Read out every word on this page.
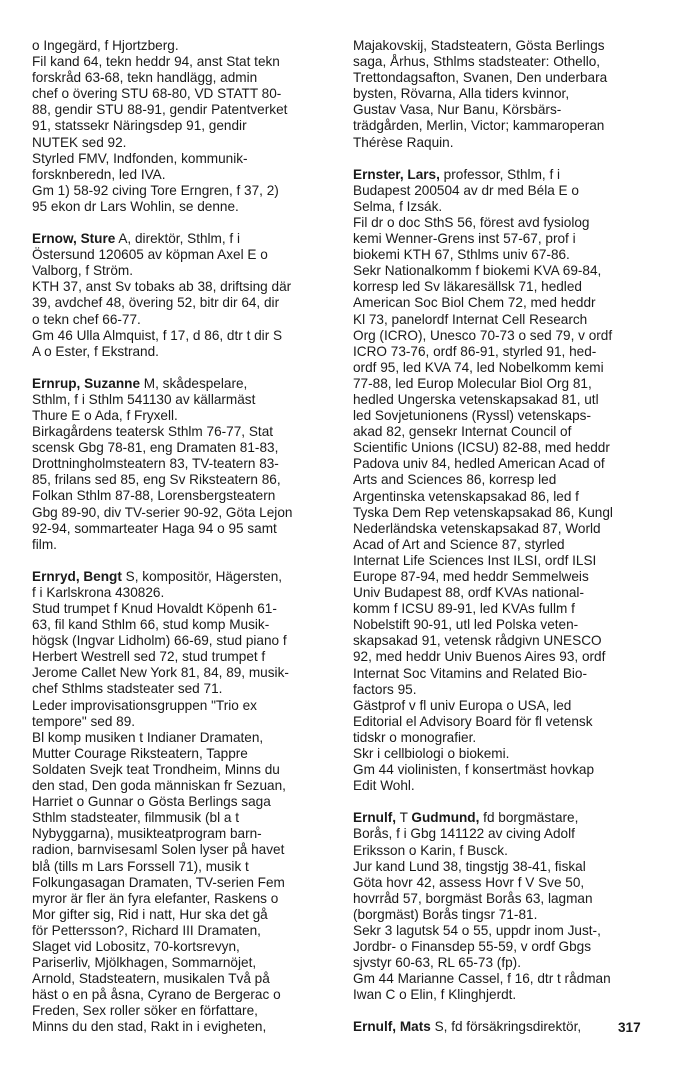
o Ingegärd, f Hjortzberg.
Fil kand 64, tekn heddr 94, anst Stat tekn
forskråd 63-68, tekn handlägg, admin
chef o övering STU 68-80, VD STATT 80-
88, gendir STU 88-91, gendir Patentverket
91, statssekr Näringsdep 91, gendir
NUTEK sed 92.
Styrled FMV, Indfonden, kommunik-
forsknberedn, led IVA.
Gm 1) 58-92 civing Tore Erngren, f 37, 2)
95 ekon dr Lars Wohlin, se denne.
Ernow, Sture A, direktör, Sthlm, f i
Östersund 120605 av köpman Axel E o
Valborg, f Ström.
KTH 37, anst Sv tobaks ab 38, driftsing där
39, avdchef 48, övering 52, bitr dir 64, dir
o tekn chef 66-77.
Gm 46 Ulla Almquist, f 17, d 86, dtr t dir S
A o Ester, f Ekstrand.
Ernrup, Suzanne M, skådespelare,
Sthlm, f i Sthlm 541130 av källarmäst
Thure E o Ada, f Fryxell.
Birkagårdens teatersk Sthlm 76-77, Stat
scensk Gbg 78-81, eng Dramaten 81-83,
Drottningholmsteatern 83, TV-teatern 83-
85, frilans sed 85, eng Sv Riksteatern 86,
Folkan Sthlm 87-88, Lorensbergsteatern
Gbg 89-90, div TV-serier 90-92, Göta Lejon
92-94, sommarteater Haga 94 o 95 samt
film.
Ernryd, Bengt S, kompositör, Hägersten,
f i Karlskrona 430826.
Stud trumpet f Knud Hovaldt Köpenh 61-
63, fil kand Sthlm 66, stud komp Musik-
högsk (Ingvar Lidholm) 66-69, stud piano f
Herbert Westrell sed 72, stud trumpet f
Jerome Callet New York 81, 84, 89, musik-
chef Sthlms stadsteater sed 71.
Leder improvisationsgruppen "Trio ex
tempore" sed 89.
Bl komp musiken t Indianer Dramaten,
Mutter Courage Riksteatern, Tappre
Soldaten Svejk teat Trondheim, Minns du
den stad, Den goda människan fr Sezuan,
Harriet o Gunnar o Gösta Berlings saga
Sthlm stadsteater, filmmusik (bl a t
Nybyggarna), musikteatprogram barn-
radion, barnvisesaml Solen lyser på havet
blå (tills m Lars Forssell 71), musik t
Folkungasagan Dramaten, TV-serien Fem
myror är fler än fyra elefanter, Raskens o
Mor gifter sig, Rid i natt, Hur ska det gå
för Pettersson?, Richard III Dramaten,
Slaget vid Lobositz, 70-kortsrevyn,
Pariserliv, Mjölkhagen, Sommarnöjet,
Arnold, Stadsteatern, musikalen Två på
häst o en på åsna, Cyrano de Bergerac o
Freden, Sex roller söker en författare,
Minns du den stad, Rakt in i evigheten,
Majakovskij, Stadsteatern, Gösta Berlings
saga, Århus, Sthlms stadsteater: Othello,
Trettondagsafton, Svanen, Den underbara
bysten, Rövarna, Alla tiders kvinnor,
Gustav Vasa, Nur Banu, Körsbärs-
trädgården, Merlin, Victor; kammaroperan
Thérèse Raquin.
Ernster, Lars, professor, Sthlm, f i
Budapest 200504 av dr med Béla E o
Selma, f Izsák.
Fil dr o doc SthS 56, förest avd fysiolog
kemi Wenner-Grens inst 57-67, prof i
biokemi KTH 67, Sthlms univ 67-86.
Sekr Nationalkomm f biokemi KVA 69-84,
korresp led Sv läkaresällsk 71, hedled
American Soc Biol Chem 72, med heddr
Kl 73, panelordf Internat Cell Research
Org (ICRO), Unesco 70-73 o sed 79, v ordf
ICRO 73-76, ordf 86-91, styrled 91, hed-
ordf 95, led KVA 74, led Nobelkomm kemi
77-88, led Europ Molecular Biol Org 81,
hedled Ungerska vetenskapsakad 81, utl
led Sovjetunionens (Ryssl) vetenskaps-
akad 82, gensekr Internat Council of
Scientific Unions (ICSU) 82-88, med heddr
Padova univ 84, hedled American Acad of
Arts and Sciences 86, korresp led
Argentinska vetenskapsakad 86, led f
Tyska Dem Rep vetenskapsakad 86, Kungl
Nederländska vetenskapsakad 87, World
Acad of Art and Science 87, styrled
Internat Life Sciences Inst ILSI, ordf ILSI
Europe 87-94, med heddr Semmelweis
Univ Budapest 88, ordf KVAs national-
komm f ICSU 89-91, led KVAs fullm f
Nobelstift 90-91, utl led Polska veten-
skapsakad 91, vetensk rådgivn UNESCO
92, med heddr Univ Buenos Aires 93, ordf
Internat Soc Vitamins and Related Bio-
factors 95.
Gästprof v fl univ Europa o USA, led
Editorial el Advisory Board för fl vetensk
tidskr o monografier.
Skr i cellbiologi o biokemi.
Gm 44 violinisten, f konsertmäst hovkap
Edit Wohl.
Ernulf, T Gudmund, fd borgmästare,
Borås, f i Gbg 141122 av civing Adolf
Eriksson o Karin, f Busck.
Jur kand Lund 38, tingstjg 38-41, fiskal
Göta hovr 42, assess Hovr f V Sve 50,
hovrråd 57, borgmäst Borås 63, lagman
(borgmäst) Borås tingsr 71-81.
Sekr 3 lagutsk 54 o 55, uppdr inom Just-,
Jordbr- o Finansdep 55-59, v ordf Gbgs
sjvstyr 60-63, RL 65-73 (fp).
Gm 44 Marianne Cassel, f 16, dtr t rådman
Iwan C o Elin, f Klinghjerdt.
Ernulf, Mats S, fd försäkringsdirektör,	317
